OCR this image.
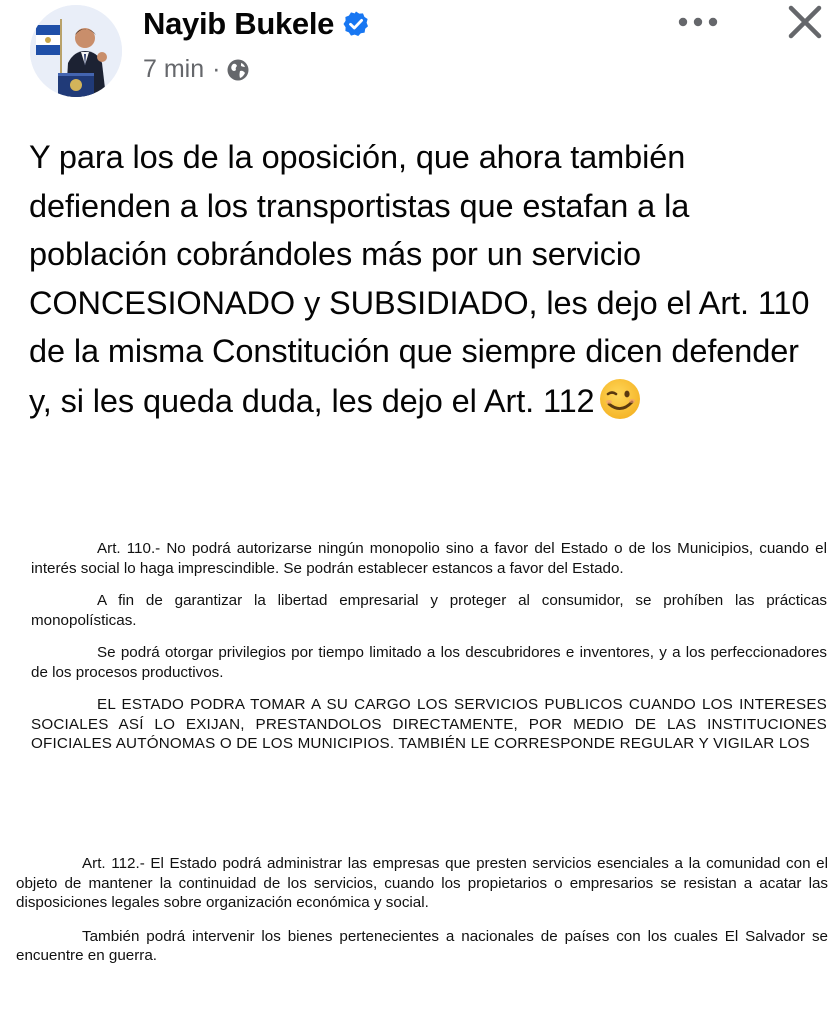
Nayib Bukele
7 min ·

Y para los de la oposición, que ahora también defienden a los transportistas que estafan a la población cobrándoles más por un servicio CONCESIONADO y SUBSIDIADO, les dejo el Art. 110 de la misma Constitución que siempre dicen defender y, si les queda duda, les dejo el Art. 112

Art. 110.- No podrá autorizarse ningún monopolio sino a favor del Estado o de los Municipios, cuando el interés social lo haga imprescindible. Se podrán establecer estancos a favor del Estado.

A fin de garantizar la libertad empresarial y proteger al consumidor, se prohíben las prácticas monopolísticas.

Se podrá otorgar privilegios por tiempo limitado a los descubridores e inventores, y a los perfeccionadores de los procesos productivos.

EL ESTADO PODRA TOMAR A SU CARGO LOS SERVICIOS PUBLICOS CUANDO LOS INTERESES SOCIALES ASÍ LO EXIJAN, PRESTANDOLOS DIRECTAMENTE, POR MEDIO DE LAS INSTITUCIONES OFICIALES AUTÓNOMAS O DE LOS MUNICIPIOS. TAMBIÉN LE CORRESPONDE REGULAR Y VIGILAR LOS

Art. 112.- El Estado podrá administrar las empresas que presten servicios esenciales a la comunidad con el objeto de mantener la continuidad de los servicios, cuando los propietarios o empresarios se resistan a acatar las disposiciones legales sobre organización económica y social.

También podrá intervenir los bienes pertenecientes a nacionales de países con los cuales El Salvador se encuentre en guerra.
